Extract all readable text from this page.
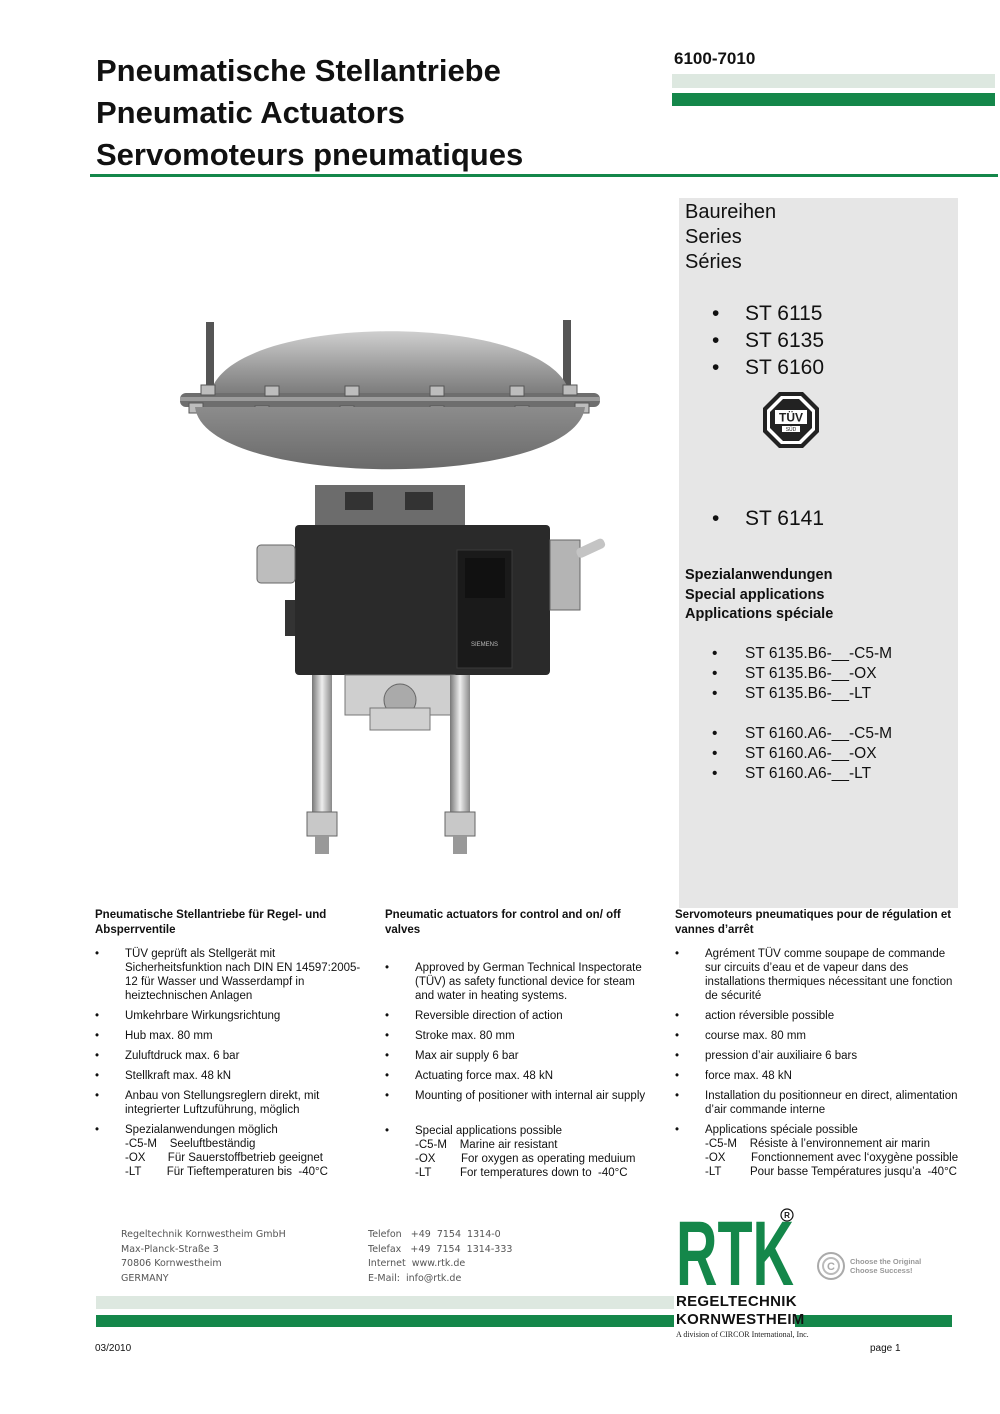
Pneumatische Stellantriebe
Pneumatic Actuators
Servomoteurs pneumatiques
6100-7010
SIEMENS
Baureihen
Series
Séries
•	ST 6115
•	ST 6135
•	ST 6160
TÜV
SÜD
•	ST 6141
Spezialanwendungen
Special applications
Applications spéciale
•	ST 6135.B6-__-C5-M
•	ST 6135.B6-__-OX
•	ST 6135.B6-__-LT
•	ST 6160.A6-__-C5-M
•	ST 6160.A6-__-OX
•	ST 6160.A6-__-LT
Pneumatische Stellantriebe für Regel- und Absperrventile
• TÜV geprüft als Stellgerät mit Sicherheitsfunktion nach DIN EN 14597:2005-12 für Wasser und Wasserdampf in heiztechnischen Anlagen
• Umkehrbare Wirkungsrichtung
• Hub max. 80 mm
• Zuluftdruck max. 6 bar
• Stellkraft max. 48 kN
• Anbau von Stellungsreglern direkt, mit integrierter Luftzuführung, möglich
• Spezialanwendungen möglich
-C5-M    Seeluftbeständig
-OX       Für Sauerstoffbetrieb geeignet
-LT        Für Tieftemperaturen bis  -40°C
Pneumatic actuators for control and on/ off valves
• Approved by German Technical Inspectorate (TÜV) as safety functional device for steam and water in heating systems.
• Reversible direction of action
• Stroke max. 80 mm
• Max air supply 6 bar
• Actuating force max. 48 kN
• Mounting of positioner with internal air supply
• Special applications possible
-C5-M    Marine air resistant
-OX        For oxygen as operating meduium
-LT         For temperatures down to  -40°C
Servomoteurs pneumatiques pour de régulation et vannes d’arrêt
• Agrément TÜV comme soupape de commande sur circuits d’eau et de vapeur dans des installations thermiques nécessitant une fonction de sécurité
• action réversible possible
• course max. 80 mm
• pression d’air auxiliaire 6 bars
• force max. 48 kN
• Installation du positionneur en direct, alimentation d’air commande interne
• Applications spéciale possible
-C5-M    Résiste à l’environnement air marin
-OX        Fonctionnement avec l‘oxygène possible
-LT         Pour basse Températures jusqu’a  -40°C
Regeltechnik Kornwestheim GmbH
Max-Planck-Straße 3
70806 Kornwestheim
GERMANY
Telefon   +49  7154  1314-0
Telefax   +49  7154  1314-333
Internet  www.rtk.de
E-Mail:  info@rtk.de	RTK
R
REGELTECHNIK
KORNWESTHEIM
A division of CIRCOR International, Inc.
C Choose the Original
Choose Success!
03/2010	page 1
